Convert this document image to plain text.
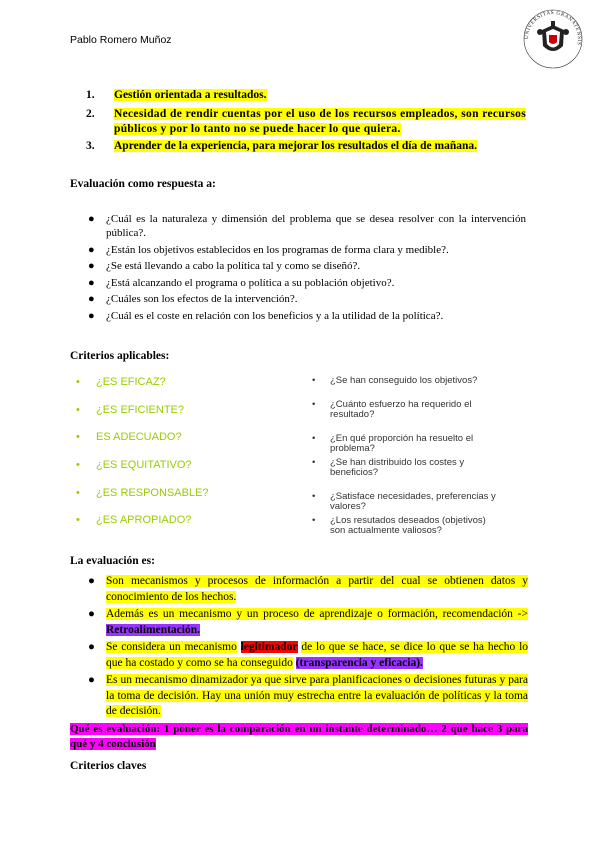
Pablo Romero Muñoz	UNIVERSITAS GRANATENSIS
1. Gestión orientada a resultados.
2. Necesidad de rendir cuentas por el uso de los recursos empleados, son recursos públicos y por lo tanto no se puede hacer lo que quiera.
3. Aprender de la experiencia, para mejorar los resultados el día de mañana.
Evaluación como respuesta a:
● ¿Cuál es la naturaleza y dimensión del problema que se desea resolver con la intervención pública?.
● ¿Están los objetivos establecidos en los programas de forma clara y medible?.
● ¿Se está llevando a cabo la política tal y como se diseñó?.
● ¿Está alcanzando el programa o política a su población objetivo?.
● ¿Cuáles son los efectos de la intervención?.
● ¿Cuál es el coste en relación con los beneficios y a la utilidad de la política?.
Criterios aplicables:
• ¿ES EFICAZ?
• ¿ES EFICIENTE?
• ES ADECUADO?
• ¿ES EQUITATIVO?
• ¿ES RESPONSABLE?
• ¿ES APROPIADO?
• ¿Se han conseguido los objetivos?
• ¿Cuánto esfuerzo ha requerido el resultado?
• ¿En qué proporción ha resuelto el problema?
• ¿Se han distribuido los costes y beneficios?
• ¿Satisface necesidades, preferencias y valores?
• ¿Los resutados deseados (objetivos) son actualmente valiosos?
La evaluación es:
● Son mecanismos y procesos de información a partir del cual se obtienen datos y conocimiento de los hechos.
● Además es un mecanismo y un proceso de aprendizaje o formación, recomendación -> Retroalimentación.
● Se considera un mecanismo legitimador de lo que se hace, se dice lo que se ha hecho lo que ha costado y como se ha conseguido (transparencia y eficacia).
● Es un mecanismo dinamizador ya que sirve para planificaciones o decisiones futuras y para la toma de decisión. Hay una unión muy estrecha entre la evaluación de políticas y la toma de decisión.
Qué es evaluación: 1 poner es la comparación en un instante determinado… 2 que hace 3 para qué y 4 conclusión
Criterios claves
